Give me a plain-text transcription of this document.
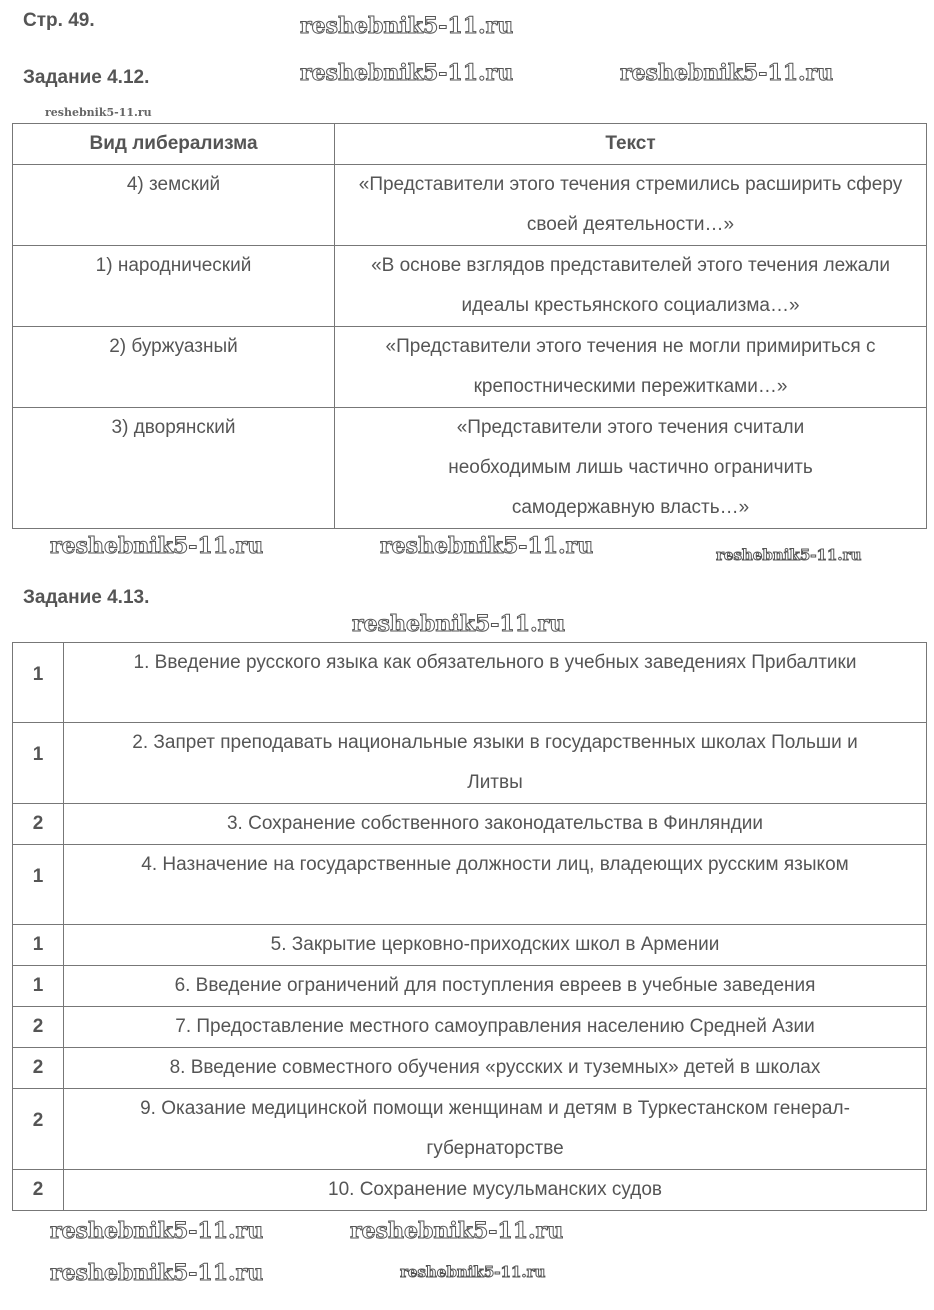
Стр. 49.
Задание 4.12.
Вид либерализма	Текст
4) земский	«Представители этого течения стремились расширить сферу своей деятельности…»
1) народнический	«В основе взглядов представителей этого течения лежали идеалы крестьянского социализма…»
2) буржуазный	«Представители этого течения не могли примириться с крепостническими пережитками…»
3) дворянский	«Представители этого течения считали необходимым лишь частично ограничить самодержавную власть…»
Задание 4.13.
1	1. Введение русского языка как обязательного в учебных заведениях Прибалтики
1	2. Запрет преподавать национальные языки в государственных школах Польши и Литвы
2	3. Сохранение собственного законодательства в Финляндии
1	4. Назначение на государственные должности лиц, владеющих русским языком
1	5. Закрытие церковно-приходских школ в Армении
1	6. Введение ограничений для поступления евреев в учебные заведения
2	7. Предоставление местного самоуправления населению Средней Азии
2	8. Введение совместного обучения «русских и туземных» детей в школах
2	9. Оказание медицинской помощи женщинам и детям в Туркестанском генерал-губернаторстве
2	10. Сохранение мусульманских судов
reshebnik5-11.ru
reshebnik5-11.ru
reshebnik5-11.ru	reshebnik5-11.ru
reshebnik5-11.ru
reshebnik5-11.ru
reshebnik5-11.ru
reshebnik5-11.ru	reshebnik5-11.ru
reshebnik5-11.ru	reshebnik5-11.ru
reshebnik5-11.ru
